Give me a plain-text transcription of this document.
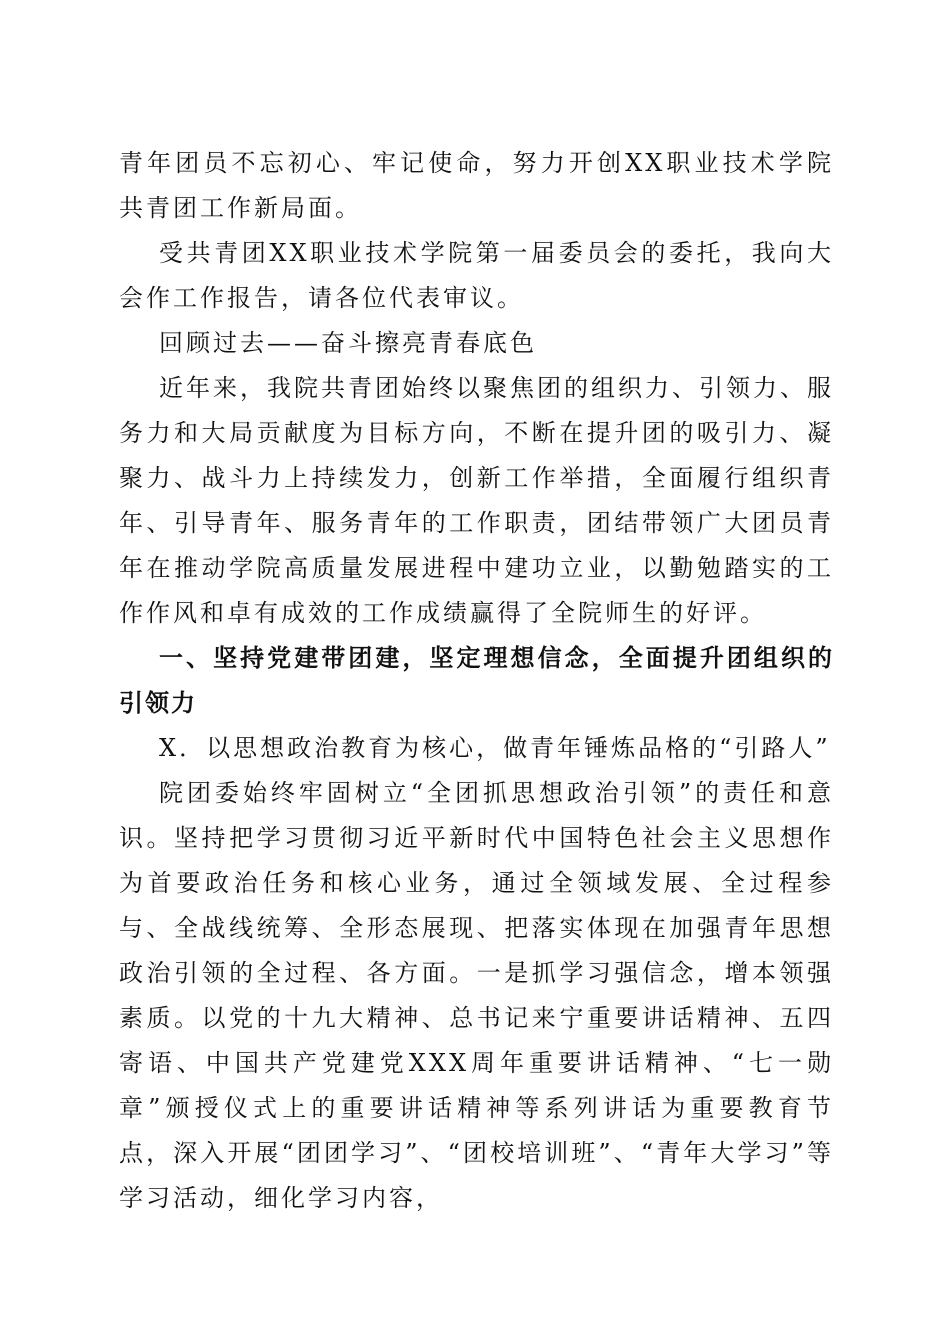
青年团员不忘初心、牢记使命，努力开创XX职业技术学院共青团工作新局面。

受共青团XX职业技术学院第一届委员会的委托，我向大会作工作报告，请各位代表审议。

回顾过去——奋斗擦亮青春底色

近年来，我院共青团始终以聚焦团的组织力、引领力、服务力和大局贡献度为目标方向，不断在提升团的吸引力、凝聚力、战斗力上持续发力，创新工作举措，全面履行组织青年、引导青年、服务青年的工作职责，团结带领广大团员青年在推动学院高质量发展进程中建功立业，以勤勉踏实的工作作风和卓有成效的工作成绩赢得了全院师生的好评。

一、坚持党建带团建，坚定理想信念，全面提升团组织的引领力

X．以思想政治教育为核心，做青年锤炼品格的“引路人”

院团委始终牢固树立“全团抓思想政治引领”的责任和意识。坚持把学习贯彻习近平新时代中国特色社会主义思想作为首要政治任务和核心业务，通过全领域发展、全过程参与、全战线统筹、全形态展现、把落实体现在加强青年思想政治引领的全过程、各方面。一是抓学习强信念，增本领强素质。以党的十九大精神、总书记来宁重要讲话精神、五四寄语、中国共产党建党XXX周年重要讲话精神、“七一勋章”颁授仪式上的重要讲话精神等系列讲话为重要教育节点，深入开展“团团学习”、“团校培训班”、“青年大学习”等学习活动，细化学习内容，
